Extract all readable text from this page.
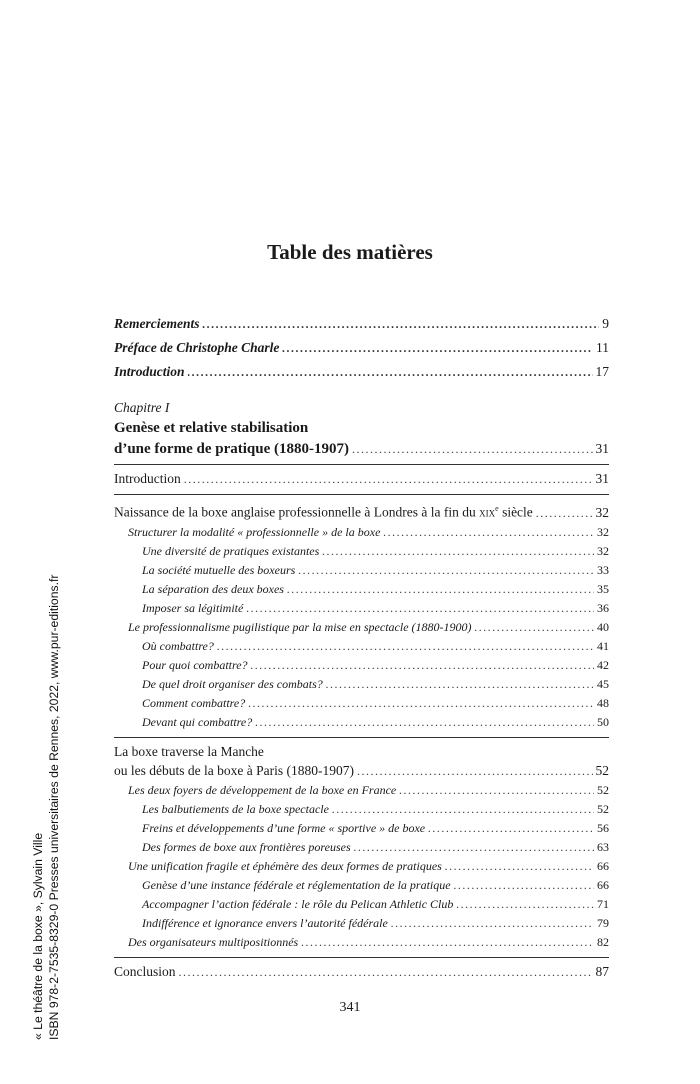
« Le théâtre de la boxe », Sylvain Ville ISBN 978-2-7535-8329-0 Presses universitaires de Rennes, 2022, www.pur-editions.fr
Table des matières
Remerciements .....	9
Préface de Christophe Charle .....	11
Introduction .....	17
Chapitre I
Genèse et relative stabilisation
d’une forme de pratique (1880-1907) .....	31
Introduction .....	31
Naissance de la boxe anglaise professionnelle à Londres à la fin du xix$^e$ siècle .....	32
Structurer la modalité « professionnelle » de la boxe .....	32
Une diversité de pratiques existantes .....	32
La société mutuelle des boxeurs .....	33
La séparation des deux boxes .....	35
Imposer sa légitimité .....	36
Le professionnalisme pugilistique par la mise en spectacle (1880-1900) .....	40
Où combattre? .....	41
Pour quoi combattre? .....	42
De quel droit organiser des combats? .....	45
Comment combattre? .....	48
Devant qui combattre? .....	50
La boxe traverse la Manche
ou les débuts de la boxe à Paris (1880-1907) .....	52
Les deux foyers de développement de la boxe en France .....	52
Les balbutiements de la boxe spectacle .....	52
Freins et développements d’une forme « sportive » de boxe .....	56
Des formes de boxe aux frontières poreuses .....	63
Une unification fragile et éphémère des deux formes de pratiques .....	66
Genèse d’une instance fédérale et réglementation de la pratique .....	66
Accompagner l’action fédérale : le rôle du Pelican Athletic Club .....	71
Indifférence et ignorance envers l’autorité fédérale .....	79
Des organisateurs multipositionnés .....	82
Conclusion .....	87
341
